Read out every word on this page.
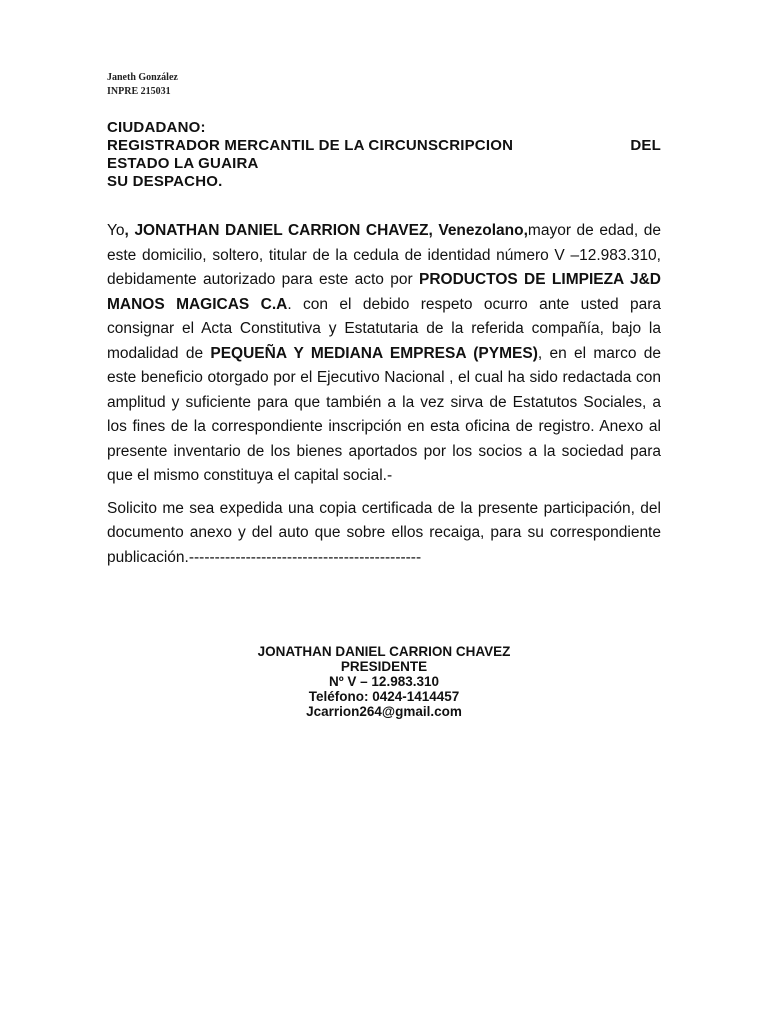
Janeth González
INPRE 215031
CIUDADANO:
REGISTRADOR MERCANTIL DE LA CIRCUNSCRIPCION	DEL
ESTADO LA GUAIRA
SU DESPACHO.

Yo, JONATHAN DANIEL CARRION CHAVEZ, Venezolano,mayor de edad, de este domicilio, soltero, titular de la cedula de identidad número V –12.983.310, debidamente autorizado para este acto por PRODUCTOS DE LIMPIEZA J&D MANOS MAGICAS C.A. con el debido respeto ocurro ante usted para consignar el Acta Constitutiva y Estatutaria de la referida compañía, bajo la modalidad de PEQUEÑA Y MEDIANA EMPRESA (PYMES), en el marco de este beneficio otorgado por el Ejecutivo Nacional , el cual ha sido redactada con amplitud y suficiente para que también a la vez sirva de Estatutos Sociales, a los fines de la correspondiente inscripción en esta oficina de registro. Anexo al presente inventario de los bienes aportados por los socios a la sociedad para que el mismo constituya el capital social.-

Solicito me sea expedida una copia certificada de la presente participación, del documento anexo y del auto que sobre ellos recaiga, para su correspondiente publicación.---------------------------------------------

JONATHAN DANIEL CARRION CHAVEZ
PRESIDENTE
Nº V – 12.983.310
Teléfono: 0424-1414457
Jcarrion264@gmail.com
